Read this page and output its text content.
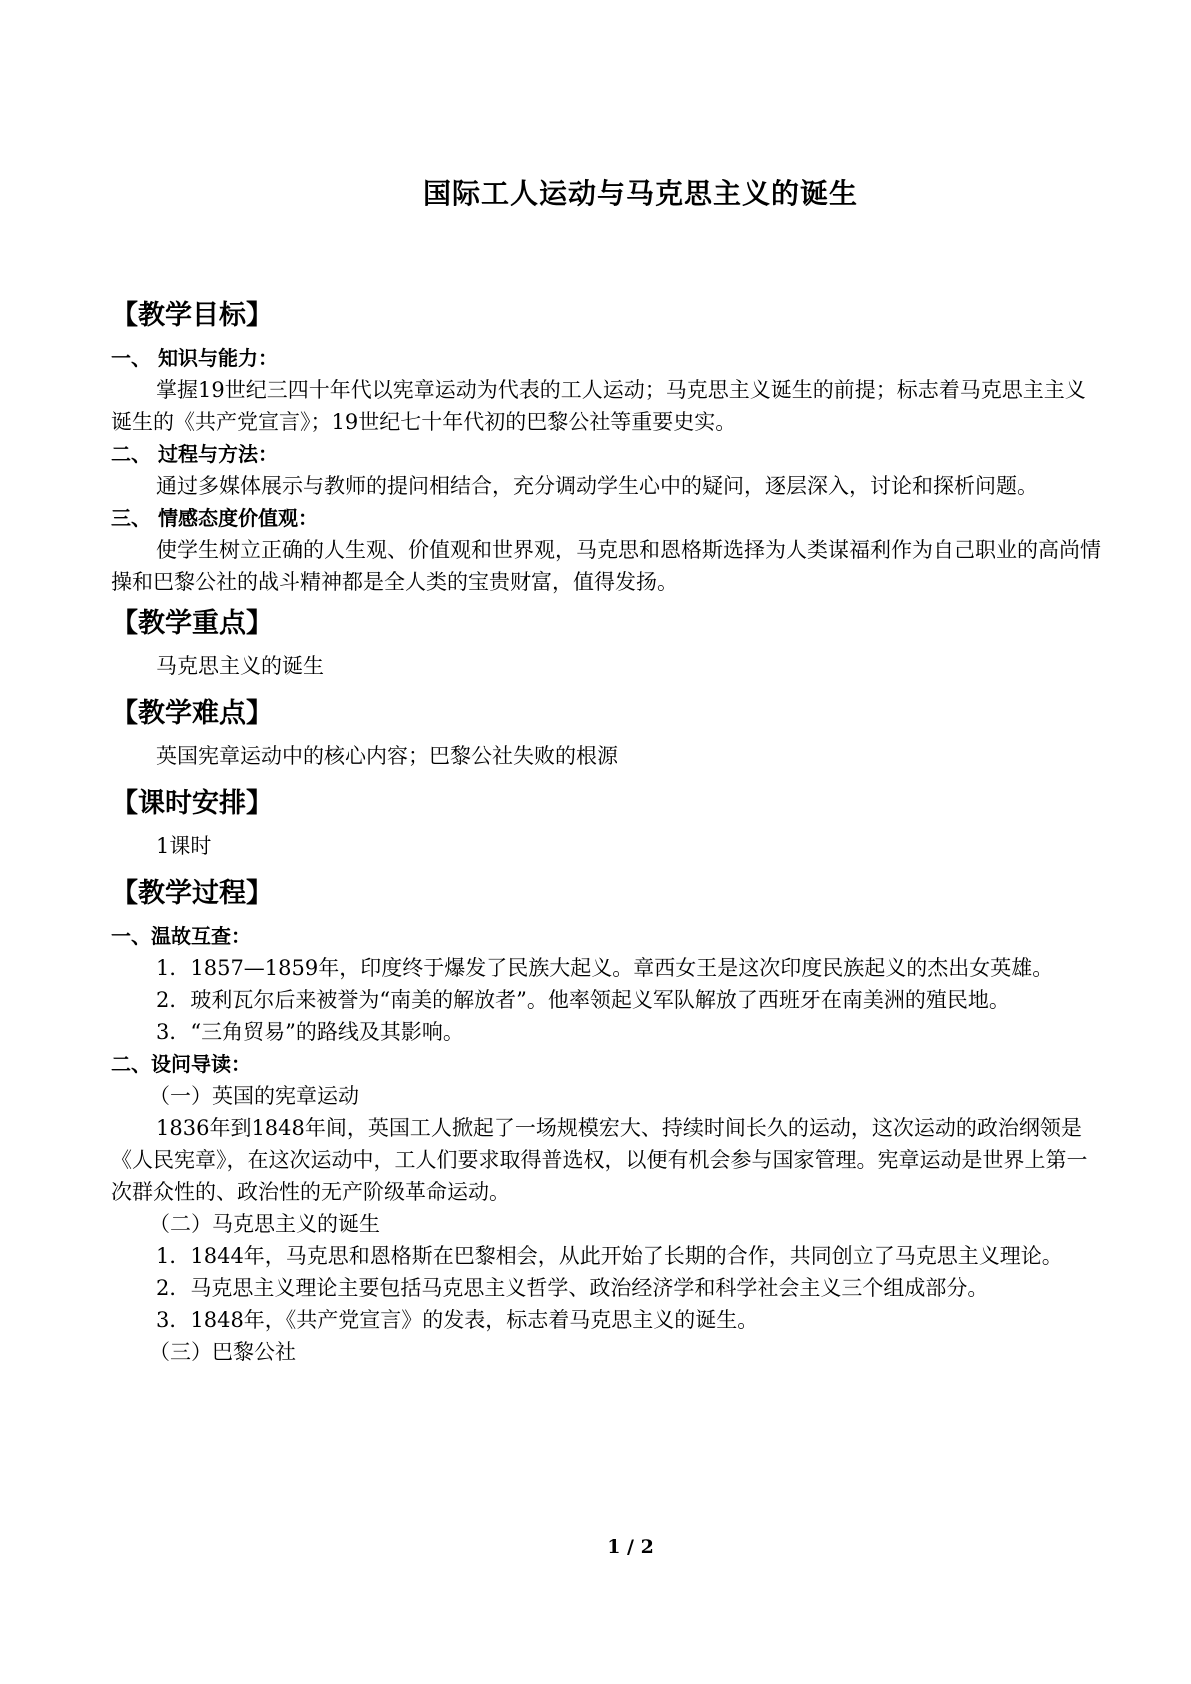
国际工人运动与马克思主义的诞生
【教学目标】
一、 知识与能力：

掌握19世纪三四十年代以宪章运动为代表的工人运动；马克思主义诞生的前提；标志着马克思主主义诞生的《共产党宣言》；19世纪七十年代初的巴黎公社等重要史实。

二、 过程与方法：

通过多媒体展示与教师的提问相结合，充分调动学生心中的疑问，逐层深入，讨论和探析问题。

三、 情感态度价值观：

使学生树立正确的人生观、价值观和世界观，马克思和恩格斯选择为人类谋福利作为自己职业的高尚情操和巴黎公社的战斗精神都是全人类的宝贵财富，值得发扬。

【教学重点】

马克思主义的诞生

【教学难点】

英国宪章运动中的核心内容；巴黎公社失败的根源

【课时安排】

1课时

【教学过程】
一、温故互查：

1．1857—1859年，印度终于爆发了民族大起义。章西女王是这次印度民族起义的杰出女英雄。

2．玻利瓦尔后来被誉为“南美的解放者”。他率领起义军队解放了西班牙在南美洲的殖民地。

3．“三角贸易”的路线及其影响。

二、设问导读：

（一）英国的宪章运动

1836年到1848年间，英国工人掀起了一场规模宏大、持续时间长久的运动，这次运动的政治纲领是《人民宪章》，在这次运动中，工人们要求取得普选权，以便有机会参与国家管理。宪章运动是世界上第一次群众性的、政治性的无产阶级革命运动。

（二）马克思主义的诞生

1．1844年，马克思和恩格斯在巴黎相会，从此开始了长期的合作，共同创立了马克思主义理论。

2．马克思主义理论主要包括马克思主义哲学、政治经济学和科学社会主义三个组成部分。

3．1848年，《共产党宣言》的发表，标志着马克思主义的诞生。

（三）巴黎公社

1 / 2
